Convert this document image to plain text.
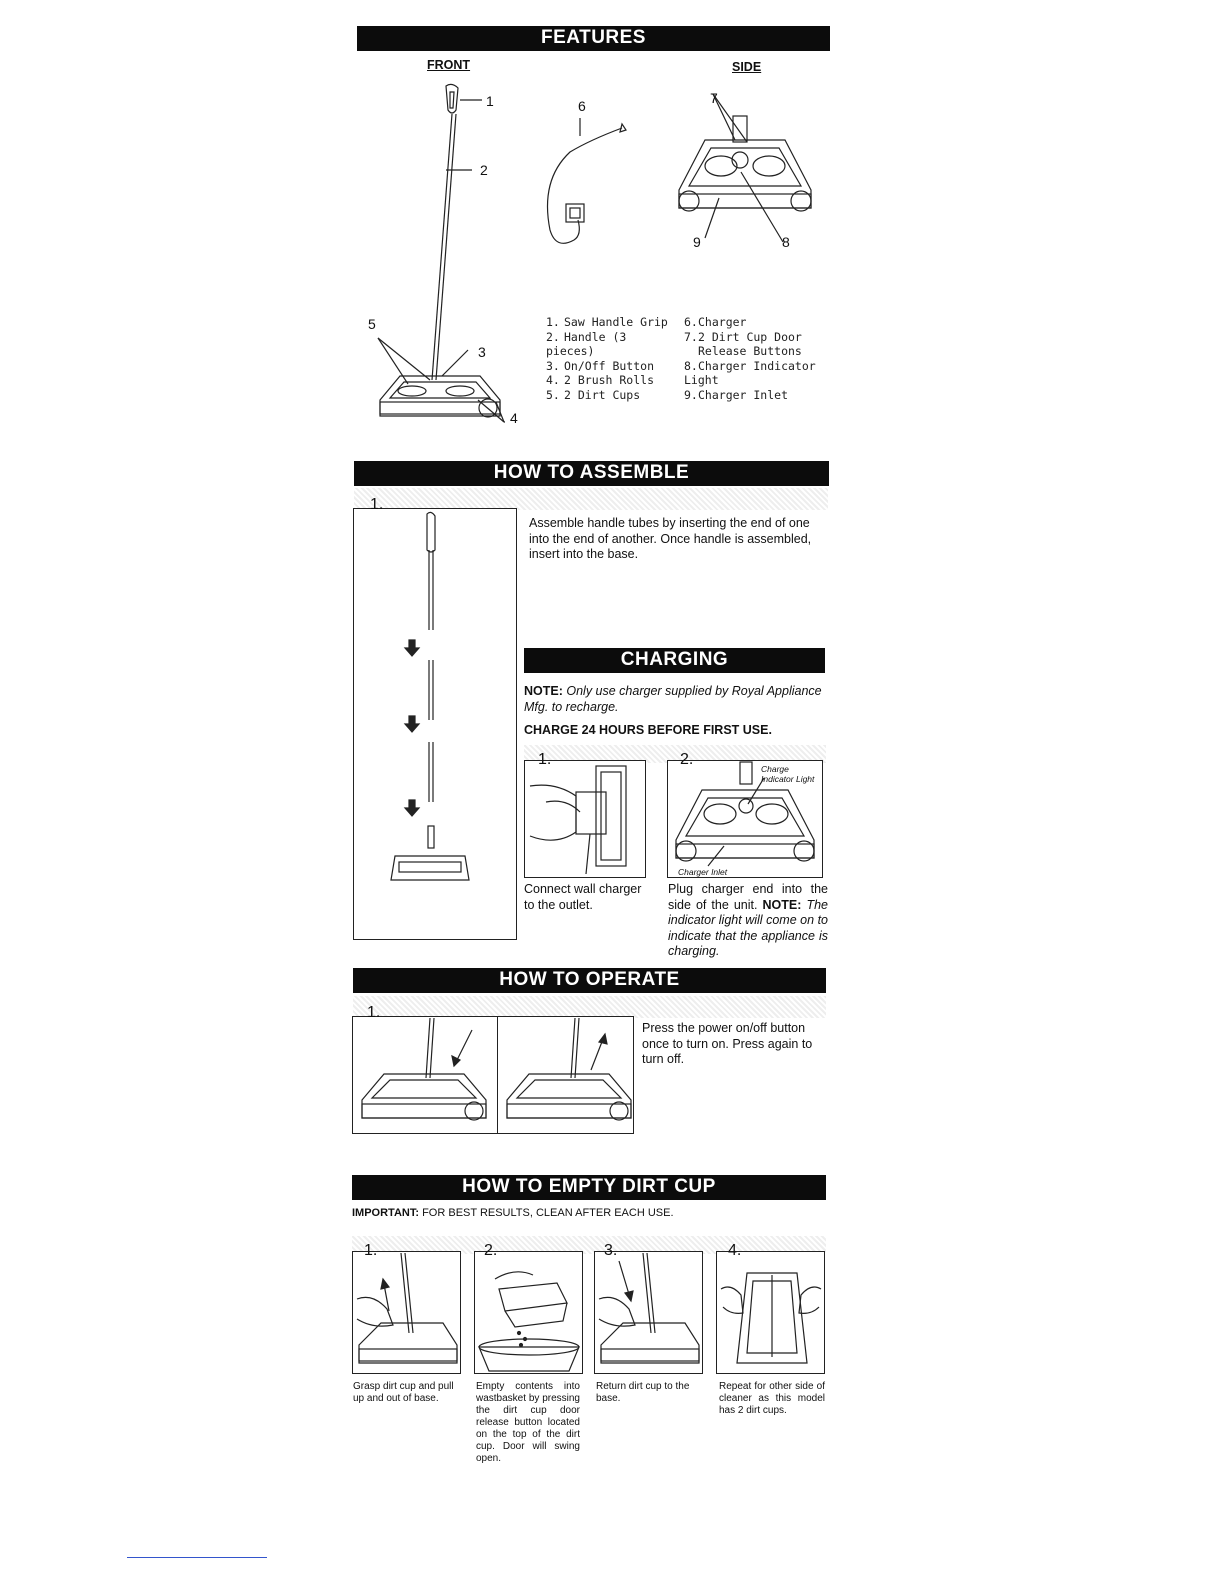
FEATURES
FRONT	SIDE
1
2
3
4
5
6	7
8
9
1. Saw Handle Grip
2. Handle (3 pieces)
3. On/Off Button
4. 2 Brush Rolls
5. 2 Dirt Cups
6.Charger
7.2 Dirt Cup Door
Release Buttons
8.Charger Indicator Light
9.Charger Inlet
HOW TO ASSEMBLE
1.
Assemble handle tubes by inserting the end of one into the end of another. Once handle is assembled, insert into the base.
CHARGING
NOTE: Only use charger supplied by Royal Appliance Mfg. to recharge.
CHARGE 24 HOURS BEFORE FIRST USE.
1.	2.
Charge Indicator Light
Charger Inlet
Connect wall charger to the outlet.
Plug charger end into the side of the unit. NOTE: The indicator light will come on to indicate that the appliance is charging.
HOW TO OPERATE
1.
Press the power on/off button once to turn on. Press again to turn off.
HOW TO EMPTY DIRT CUP
IMPORTANT: FOR BEST RESULTS, CLEAN AFTER EACH USE.
1.
Grasp dirt cup and pull up and out of base.
2.
Empty contents into wastbasket by pressing the dirt cup door release button located on the top of the dirt cup. Door will swing open.
3.
Return dirt cup to the base.
4.
Repeat for other side of cleaner as this model has 2 dirt cups.
